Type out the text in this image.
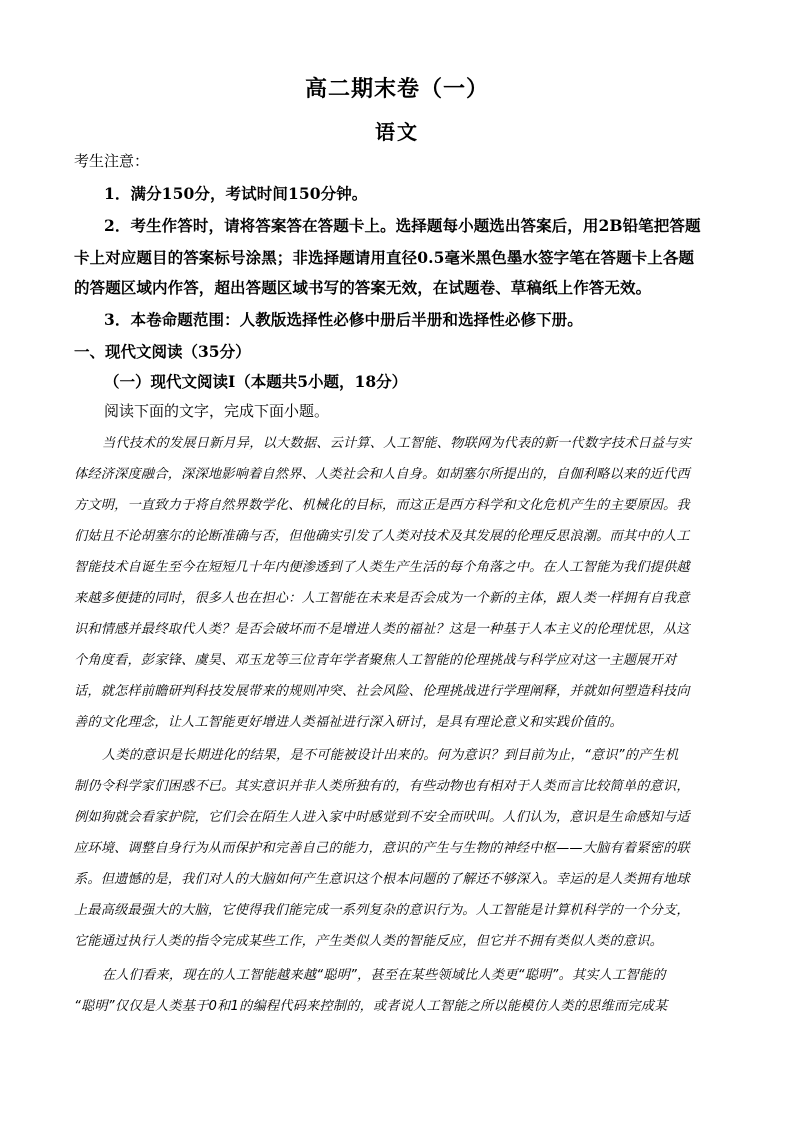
高二期末卷（一）
语文
考生注意：
1．满分150分，考试时间150分钟。
2．考生作答时，请将答案答在答题卡上。选择题每小题选出答案后，用2B铅笔把答题
卡上对应题目的答案标号涂黑；非选择题请用直径0.5毫米黑色墨水签字笔在答题卡上各题
的答题区域内作答，超出答题区域书写的答案无效，在试题卷、草稿纸上作答无效。
3．本卷命题范围：人教版选择性必修中册后半册和选择性必修下册。
一、现代文阅读（35分）
（一）现代文阅读Ⅰ（本题共5小题，18分）
阅读下面的文字，完成下面小题。
当代技术的发展日新月异，以大数据、云计算、人工智能、物联网为代表的新一代数字技术日益与实
体经济深度融合，深深地影响着自然界、人类社会和人自身。如胡塞尔所提出的，自伽利略以来的近代西
方文明，一直致力于将自然界数学化、机械化的目标，而这正是西方科学和文化危机产生的主要原因。我
们姑且不论胡塞尔的论断准确与否，但他确实引发了人类对技术及其发展的伦理反思浪潮。而其中的人工
智能技术自诞生至今在短短几十年内便渗透到了人类生产生活的每个角落之中。在人工智能为我们提供越
来越多便捷的同时，很多人也在担心：人工智能在未来是否会成为一个新的主体，跟人类一样拥有自我意
识和情感并最终取代人类？是否会破坏而不是增进人类的福祉？这是一种基于人本主义的伦理忧思，从这
个角度看，彭家锋、虞昊、邓玉龙等三位青年学者聚焦人工智能的伦理挑战与科学应对这一主题展开对
话，就怎样前瞻研判科技发展带来的规则冲突、社会风险、伦理挑战进行学理阐释，并就如何塑造科技向
善的文化理念，让人工智能更好增进人类福祉进行深入研讨，是具有理论意义和实践价值的。
人类的意识是长期进化的结果，是不可能被设计出来的。何为意识？到目前为止，“意识”的产生机
制仍令科学家们困惑不已。其实意识并非人类所独有的，有些动物也有相对于人类而言比较简单的意识，
例如狗就会看家护院，它们会在陌生人进入家中时感觉到不安全而吠叫。人们认为，意识是生命感知与适
应环境、调整自身行为从而保护和完善自己的能力，意识的产生与生物的神经中枢——大脑有着紧密的联
系。但遗憾的是，我们对人的大脑如何产生意识这个根本问题的了解还不够深入。幸运的是人类拥有地球
上最高级最强大的大脑，它使得我们能完成一系列复杂的意识行为。人工智能是计算机科学的一个分支，
它能通过执行人类的指令完成某些工作，产生类似人类的智能反应，但它并不拥有类似人类的意识。
在人们看来，现在的人工智能越来越“聪明”，甚至在某些领域比人类更“聪明”。其实人工智能的
“聪明”仅仅是人类基于0和1的编程代码来控制的，或者说人工智能之所以能模仿人类的思维而完成某
